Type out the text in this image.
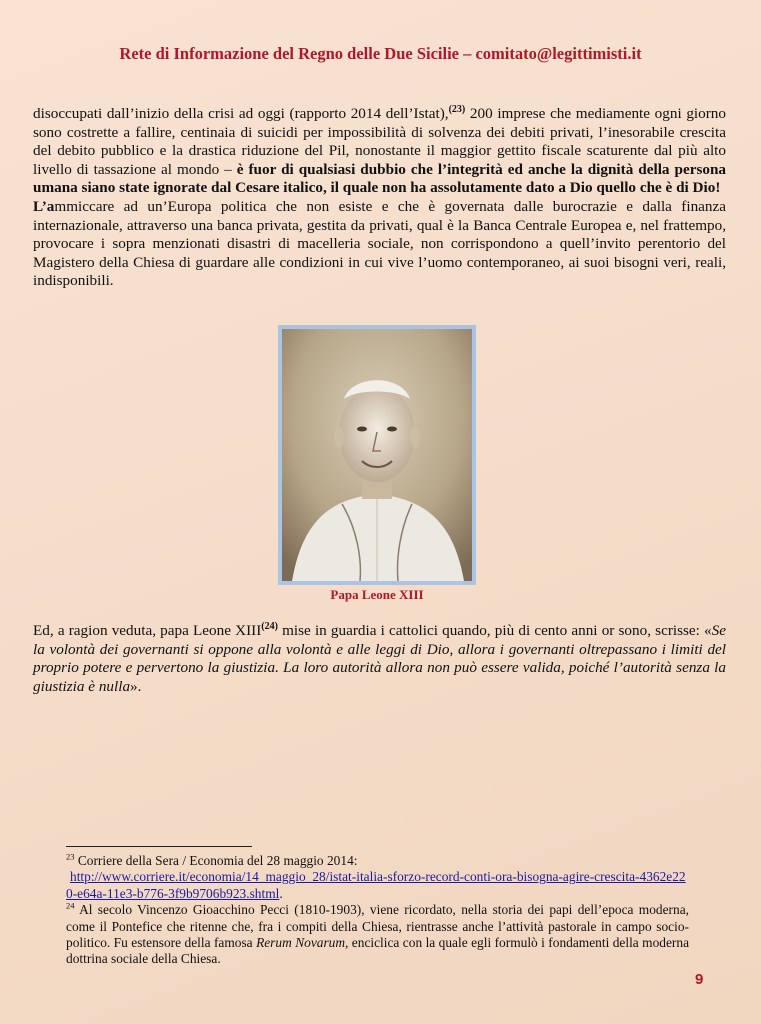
Rete di Informazione del Regno delle Due Sicilie – comitato@legittimisti.it

disoccupati dall’inizio della crisi ad oggi (rapporto 2014 dell’Istat),$^{(23)}$ 200 imprese che mediamente ogni giorno sono costrette a fallire, centinaia di suicidi per impossibilità di solvenza dei debiti privati, l’inesorabile crescita del debito pubblico e la drastica riduzione del Pil, nonostante il maggior gettito fiscale scaturente dal più alto livello di tassazione al mondo – è fuor di qualsiasi dubbio che l’integrità ed anche la dignità della persona umana siano state ignorate dal Cesare italico, il quale non ha assolutamente dato a Dio quello che è di Dio!

L’ammiccare ad un’Europa politica che non esiste e che è governata dalle burocrazie e dalla finanza internazionale, attraverso una banca privata, gestita da privati, qual è la Banca Centrale Europea e, nel frattempo, provocare i sopra menzionati disastri di macelleria sociale, non corrispondono a quell’invito perentorio del Magistero della Chiesa di guardare alle condizioni in cui vive l’uomo contemporaneo, ai suoi bisogni veri, reali, indisponibili.

Papa Leone XIII

Ed, a ragion veduta, papa Leone XIII$^{(24)}$ mise in guardia i cattolici quando, più di cento anni or sono, scrisse: «Se la volontà dei governanti si oppone alla volontà e alle leggi di Dio, allora i governanti oltrepassano i limiti del proprio potere e pervertono la giustizia. La loro autorità allora non può essere valida, poiché l’autorità senza la giustizia è nulla».

$^{23}$ Corriere della Sera / Economia del 28 maggio 2014:
http://www.corriere.it/economia/14_maggio_28/istat-italia-sforzo-record-conti-ora-bisogna-agire-crescita-4362e220-e64a-11e3-b776-3f9b9706b923.shtml.

$^{24}$ Al secolo Vincenzo Gioacchino Pecci (1810-1903), viene ricordato, nella storia dei papi dell’epoca moderna, come il Pontefice che ritenne che, fra i compiti della Chiesa, rientrasse anche l’attività pastorale in campo socio-politico. Fu estensore della famosa Rerum Novarum, enciclica con la quale egli formulò i fondamenti della moderna dottrina sociale della Chiesa.

9
